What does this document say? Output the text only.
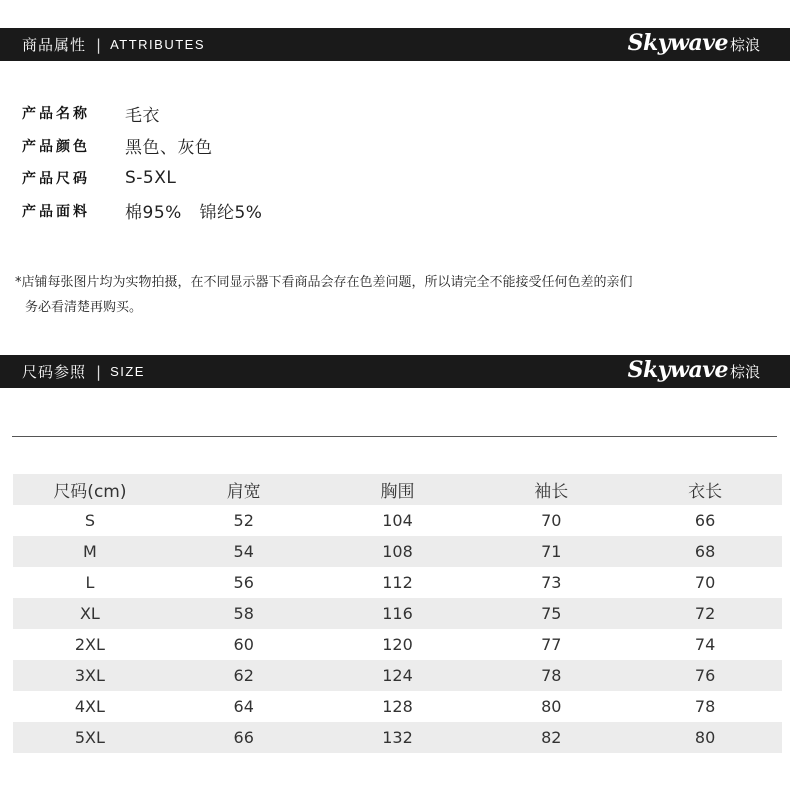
商品属性 | ATTRIBUTES	Skywave 棕浪
产品名称	毛衣
产品颜色	黑色、灰色
产品尺码	S-5XL
产品面料	棉95%   锦纶5%
*店铺每张图片均为实物拍摄，在不同显示器下看商品会存在色差问题，所以请完全不能接受任何色差的亲们
务必看清楚再购买。
尺码参照 | SIZE	Skywave 棕浪
尺码(cm)	肩宽	胸围	袖长	衣长
S	52	104	70	66
M	54	108	71	68
L	56	112	73	70
XL	58	116	75	72
2XL	60	120	77	74
3XL	62	124	78	76
4XL	64	128	80	78
5XL	66	132	82	80
